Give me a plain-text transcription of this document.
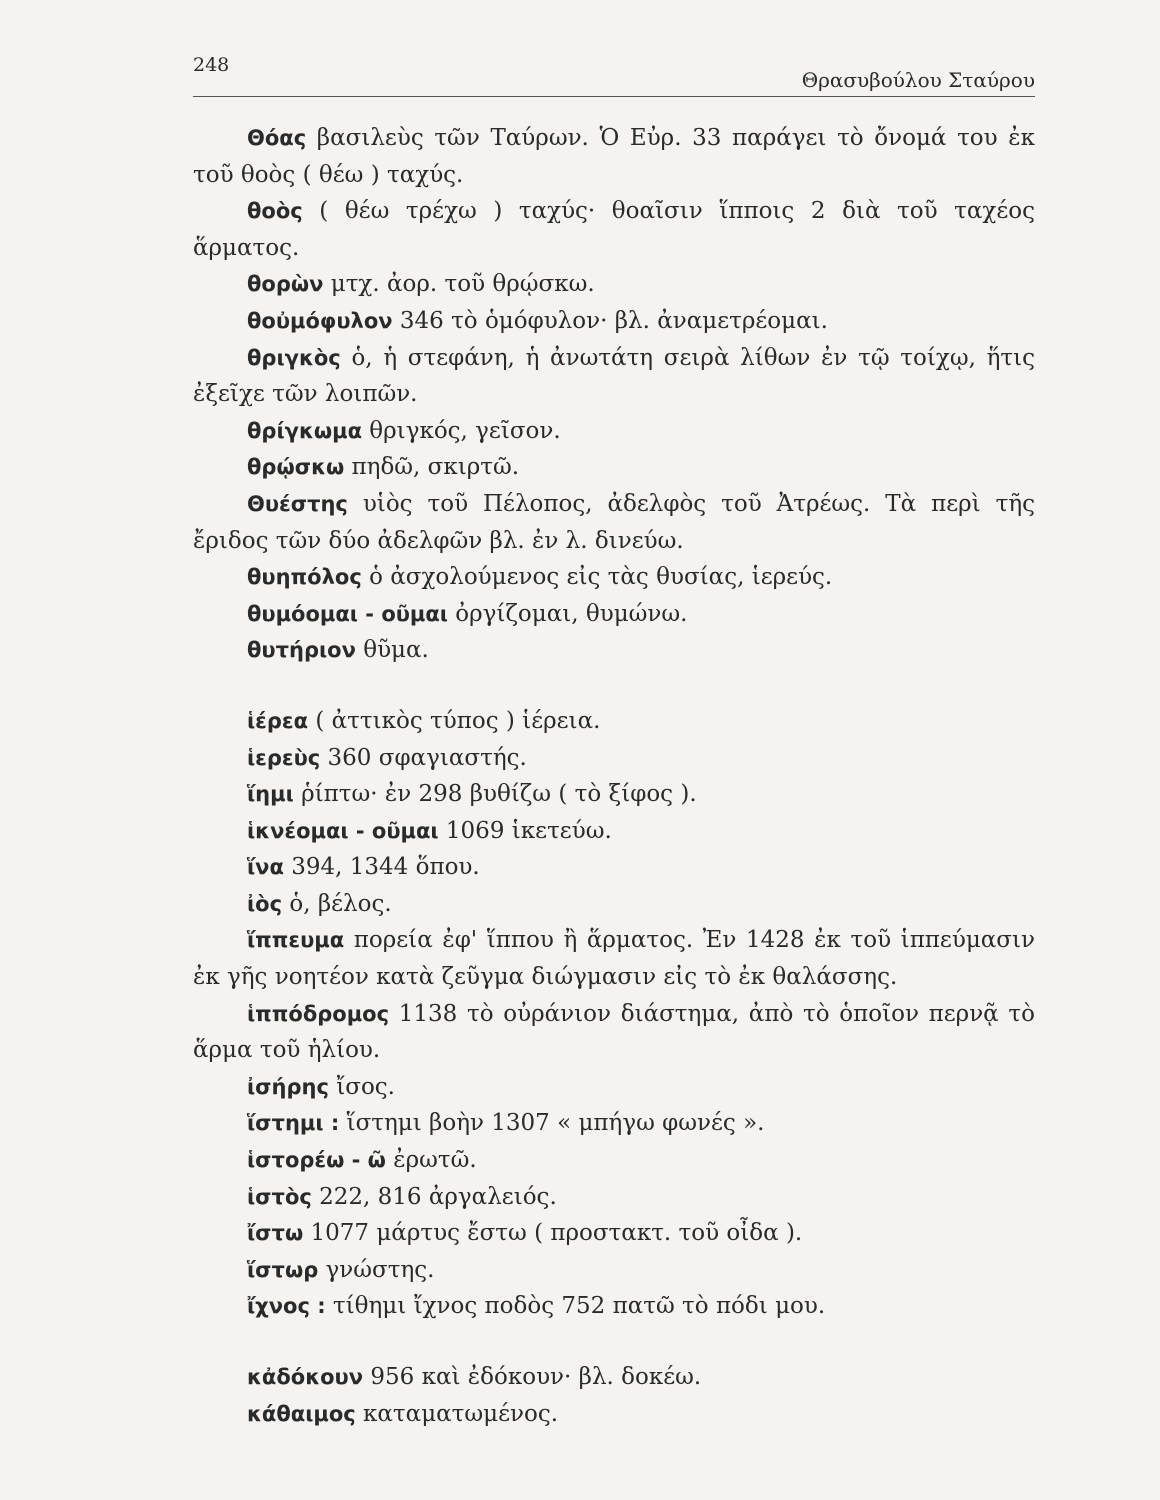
248
Θρασυβούλου Σταύρου

Θόας βασιλεὺς τῶν Ταύρων. Ὁ Εὐρ. 33 παράγει τὸ ὄνομά του ἐκ τοῦ θοὸς ( θέω ) ταχύς.

θοὸς ( θέω τρέχω ) ταχύς· θοαῖσιν ἵπποις 2 διὰ τοῦ ταχέος ἅρματος.

θορὼν μτχ. ἀορ. τοῦ θρῴσκω.

θοὐμόφυλον 346 τὸ ὁμόφυλον· βλ. ἀναμετρέομαι.

θριγκὸς ὁ, ἡ στεφάνη, ἡ ἀνωτάτη σειρὰ λίθων ἐν τῷ τοίχῳ, ἥτις ἐξεῖχε τῶν λοιπῶν.

θρίγκωμα θριγκός, γεῖσον.

θρῴσκω πηδῶ, σκιρτῶ.

Θυέστης υἱὸς τοῦ Πέλοπος, ἀδελφὸς τοῦ Ἀτρέως. Τὰ περὶ τῆς ἔριδος τῶν δύο ἀδελφῶν βλ. ἐν λ. δινεύω.

θυηπόλος ὁ ἀσχολούμενος εἰς τὰς θυσίας, ἱερεύς.

θυμόομαι - οῦμαι ὀργίζομαι, θυμώνω.

θυτήριον θῦμα.

ἱέρεα ( ἀττικὸς τύπος ) ἱέρεια.

ἱερεὺς 360 σφαγιαστής.

ἵημι ῥίπτω· ἐν 298 βυθίζω ( τὸ ξίφος ).

ἱκνέομαι - οῦμαι 1069 ἱκετεύω.

ἵνα 394, 1344 ὅπου.

ἰὸς ὁ, βέλος.

ἵππευμα πορεία ἐφ' ἵππου ἢ ἅρματος. Ἐν 1428 ἐκ τοῦ ἱππεύμασιν ἐκ γῆς νοητέον κατὰ ζεῦγμα διώγμασιν εἰς τὸ ἐκ θαλάσσης.

ἱππόδρομος 1138 τὸ οὐράνιον διάστημα, ἀπὸ τὸ ὁποῖον περνᾷ τὸ ἅρμα τοῦ ἡλίου.

ἰσήρης ἴσος.

ἵστημι : ἵστημι βοὴν 1307 « μπήγω φωνές ».

ἱστορέω - ῶ ἐρωτῶ.

ἱστὸς 222, 816 ἀργαλειός.

ἴστω 1077 μάρτυς ἔστω ( προστακτ. τοῦ οἶδα ).

ἵστωρ γνώστης.

ἴχνος : τίθημι ἴχνος ποδὸς 752 πατῶ τὸ πόδι μου.

κἀδόκουν 956 καὶ ἐδόκουν· βλ. δοκέω.

κάθαιμος καταματωμένος.
